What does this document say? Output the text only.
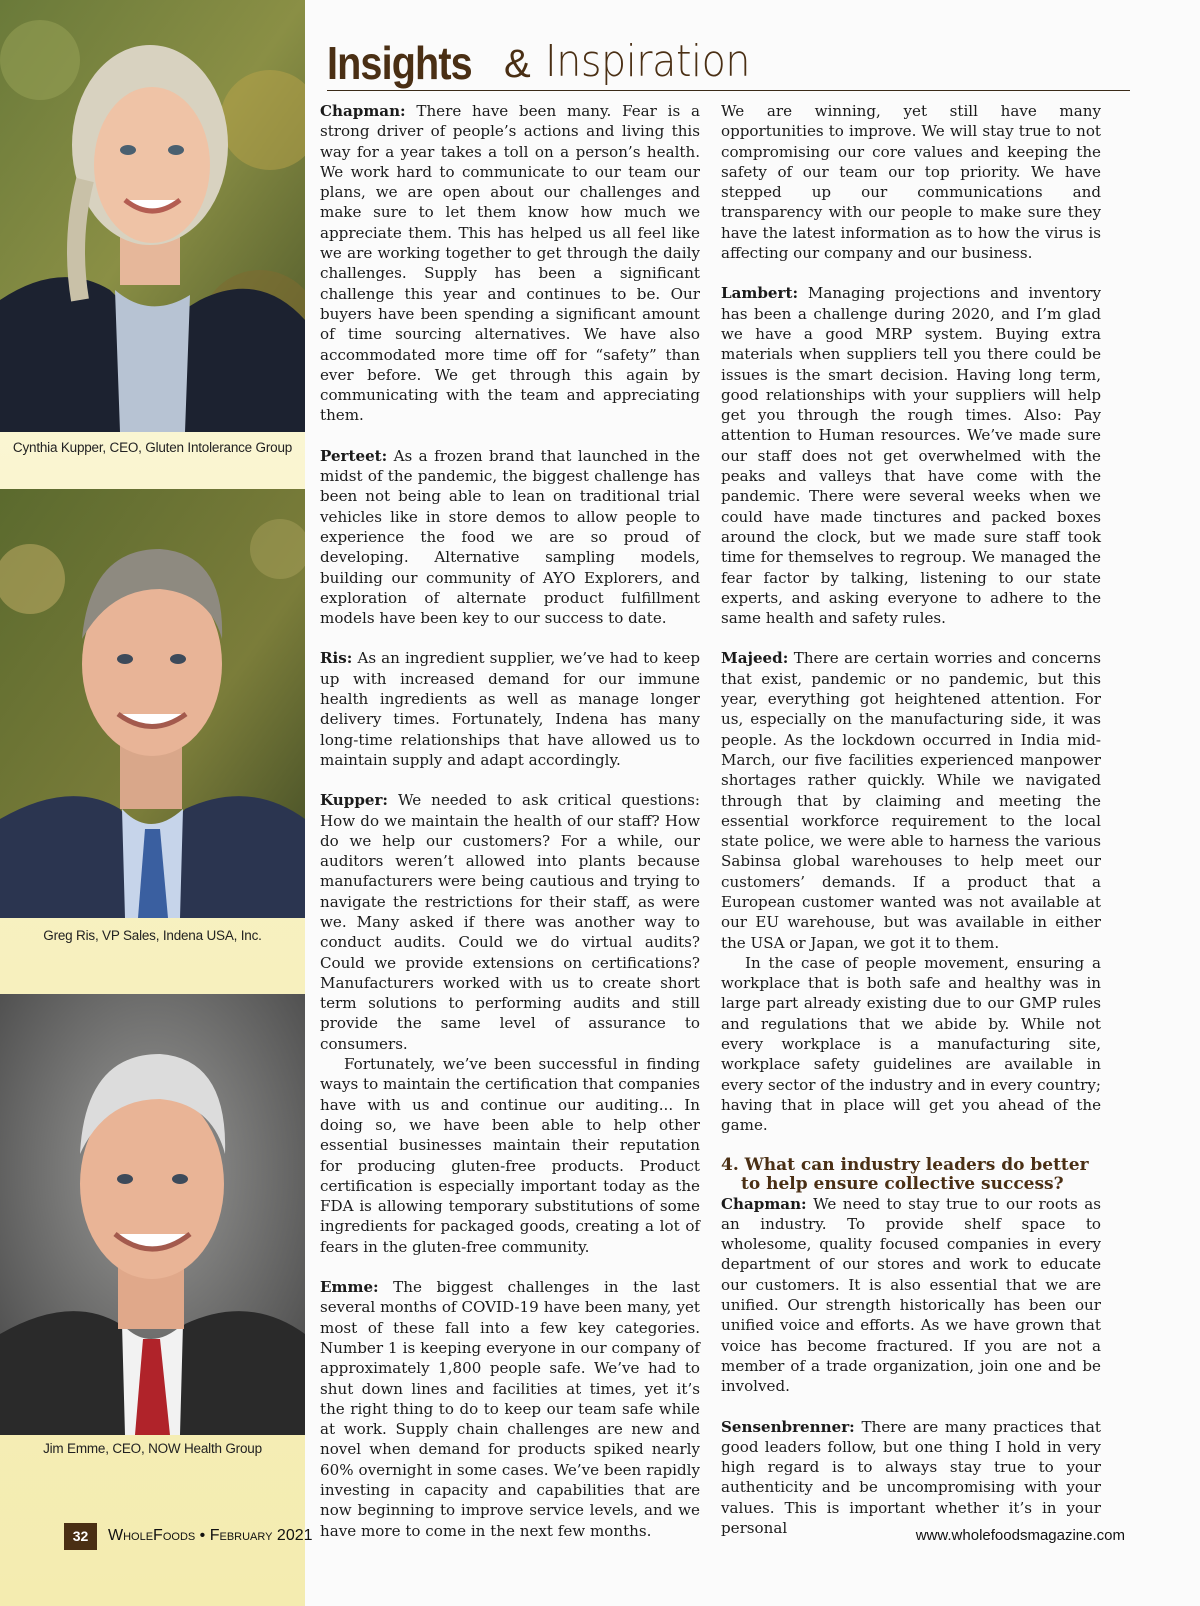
Cynthia Kupper, CEO, Gluten Intolerance Group
Greg Ris, VP Sales, Indena USA, Inc.
Jim Emme, CEO, NOW Health Group
Insights & Inspiration

Chapman: There have been many. Fear is a strong driver of people’s actions and living this way for a year takes a toll on a person’s health. We work hard to communicate to our team our plans, we are open about our challenges and make sure to let them know how much we appreciate them. This has helped us all feel like we are working together to get through the daily challenges. Supply has been a significant challenge this year and continues to be. Our buyers have been spending a significant amount of time sourcing alternatives. We have also accommodated more time off for “safety” than ever before. We get through this again by communicating with the team and appreciating them.

Perteet: As a frozen brand that launched in the midst of the pandemic, the biggest challenge has been not being able to lean on traditional trial vehicles like in store demos to allow people to experience the food we are so proud of developing. Alternative sampling models, building our community of AYO Explorers, and exploration of alternate product fulfillment models have been key to our success to date.

Ris: As an ingredient supplier, we’ve had to keep up with increased demand for our immune health ingredients as well as manage longer delivery times. Fortunately, Indena has many long-time relationships that have allowed us to maintain supply and adapt accordingly.

Kupper: We needed to ask critical questions: How do we maintain the health of our staff? How do we help our customers? For a while, our auditors weren’t allowed into plants because manufacturers were being cautious and trying to navigate the restrictions for their staff, as were we. Many asked if there was another way to conduct audits. Could we do virtual audits? Could we provide extensions on certifications? Manufacturers worked with us to create short term solutions to performing audits and still provide the same level of assurance to consumers.

Fortunately, we’ve been successful in finding ways to maintain the certification that companies have with us and continue our auditing... In doing so, we have been able to help other essential businesses maintain their reputation for producing gluten-free products. Product certification is especially important today as the FDA is allowing temporary substitutions of some ingredients for packaged goods, creating a lot of fears in the gluten-free community.

Emme: The biggest challenges in the last several months of COVID-19 have been many, yet most of these fall into a few key categories. Number 1 is keeping everyone in our company of approximately 1,800 people safe. We’ve had to shut down lines and facilities at times, yet it’s the right thing to do to keep our team safe while at work. Supply chain challenges are new and novel when demand for products spiked nearly 60% overnight in some cases. We’ve been rapidly investing in capacity and capabilities that are now beginning to improve service levels, and we have more to come in the next few months.

We are winning, yet still have many opportunities to improve. We will stay true to not compromising our core values and keeping the safety of our team our top priority. We have stepped up our communications and transparency with our people to make sure they have the latest information as to how the virus is affecting our company and our business.

Lambert: Managing projections and inventory has been a challenge during 2020, and I’m glad we have a good MRP system. Buying extra materials when suppliers tell you there could be issues is the smart decision. Having long term, good relationships with your suppliers will help get you through the rough times. Also: Pay attention to Human resources. We’ve made sure our staff does not get overwhelmed with the peaks and valleys that have come with the pandemic. There were several weeks when we could have made tinctures and packed boxes around the clock, but we made sure staff took time for themselves to regroup. We managed the fear factor by talking, listening to our state experts, and asking everyone to adhere to the same health and safety rules.

Majeed: There are certain worries and concerns that exist, pandemic or no pandemic, but this year, everything got heightened attention. For us, especially on the manufacturing side, it was people. As the lockdown occurred in India mid-March, our five facilities experienced manpower shortages rather quickly. While we navigated through that by claiming and meeting the essential workforce requirement to the local state police, we were able to harness the various Sabinsa global warehouses to help meet our customers’ demands. If a product that a European customer wanted was not available at our EU warehouse, but was available in either the USA or Japan, we got it to them.

In the case of people movement, ensuring a workplace that is both safe and healthy was in large part already existing due to our GMP rules and regulations that we abide by. While not every workplace is a manufacturing site, workplace safety guidelines are available in every sector of the industry and in every country; having that in place will get you ahead of the game.

4. What can industry leaders do better to help ensure collective success?

Chapman: We need to stay true to our roots as an industry. To provide shelf space to wholesome, quality focused companies in every department of our stores and work to educate our customers. It is also essential that we are unified. Our strength historically has been our unified voice and efforts. As we have grown that voice has become fractured. If you are not a member of a trade organization, join one and be involved.

Sensenbrenner: There are many practices that good leaders follow, but one thing I hold in very high regard is to always stay true to your authenticity and be uncompromising with your values. This is important whether it’s in your personal

32	WholeFoods • February 2021	www.wholefoodsmagazine.com
